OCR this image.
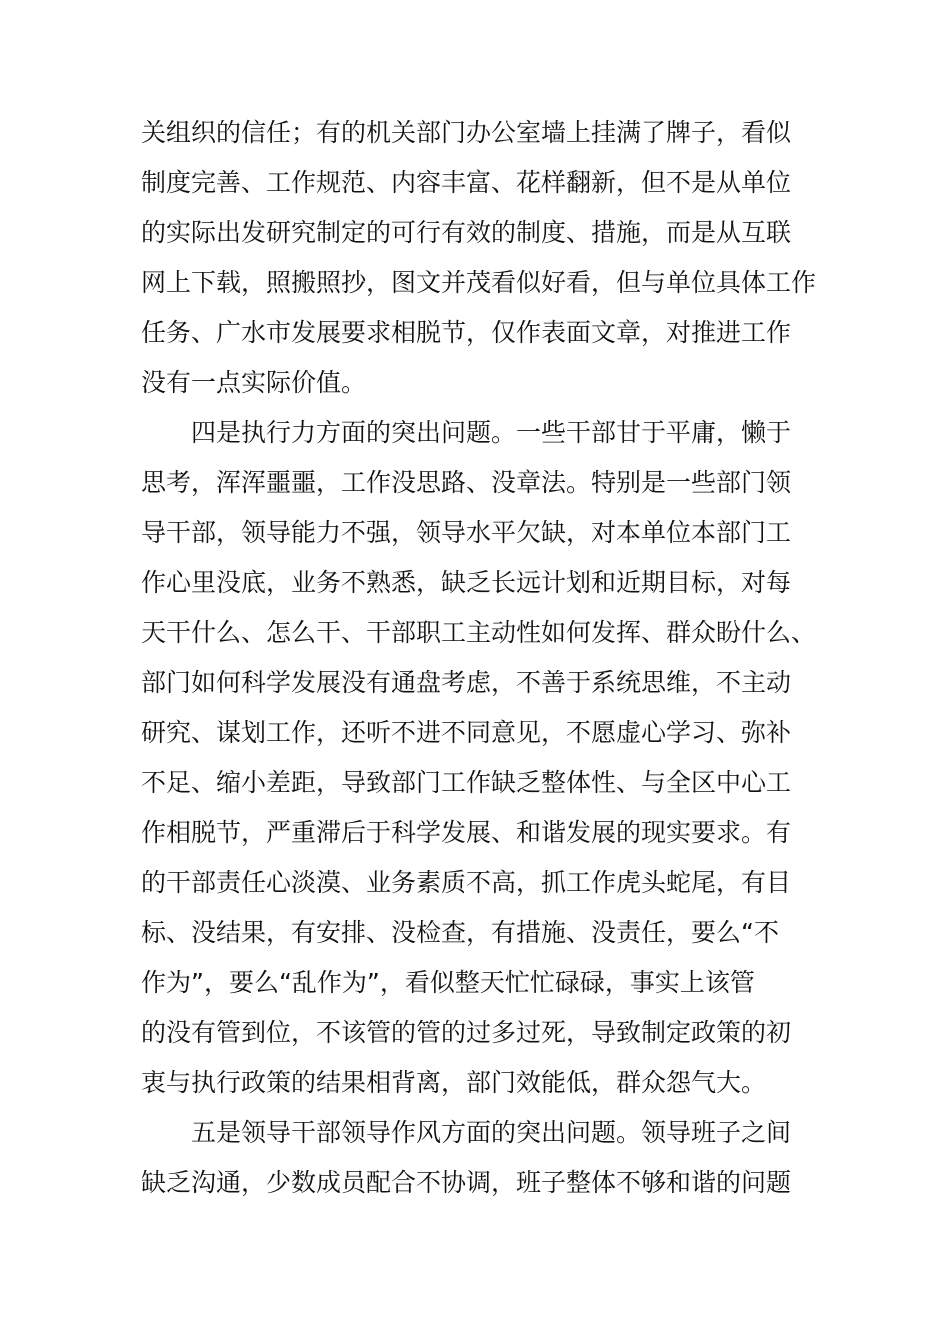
关组织的信任；有的机关部门办公室墙上挂满了牌子，看似
制度完善、工作规范、内容丰富、花样翻新，但不是从单位
的实际出发研究制定的可行有效的制度、措施，而是从互联
网上下载，照搬照抄，图文并茂看似好看，但与单位具体工作
任务、广水市发展要求相脱节，仅作表面文章，对推进工作
没有一点实际价值。
四是执行力方面的突出问题。一些干部甘于平庸，懒于
思考，浑浑噩噩，工作没思路、没章法。特别是一些部门领
导干部，领导能力不强，领导水平欠缺，对本单位本部门工
作心里没底，业务不熟悉，缺乏长远计划和近期目标，对每
天干什么、怎么干、干部职工主动性如何发挥、群众盼什么、
部门如何科学发展没有通盘考虑，不善于系统思维，不主动
研究、谋划工作，还听不进不同意见，不愿虚心学习、弥补
不足、缩小差距，导致部门工作缺乏整体性、与全区中心工
作相脱节，严重滞后于科学发展、和谐发展的现实要求。有
的干部责任心淡漠、业务素质不高，抓工作虎头蛇尾，有目
标、没结果，有安排、没检查，有措施、没责任，要么“不
作为”，要么“乱作为”，看似整天忙忙碌碌，事实上该管
的没有管到位，不该管的管的过多过死，导致制定政策的初
衷与执行政策的结果相背离，部门效能低，群众怨气大。
五是领导干部领导作风方面的突出问题。领导班子之间
缺乏沟通，少数成员配合不协调，班子整体不够和谐的问题
